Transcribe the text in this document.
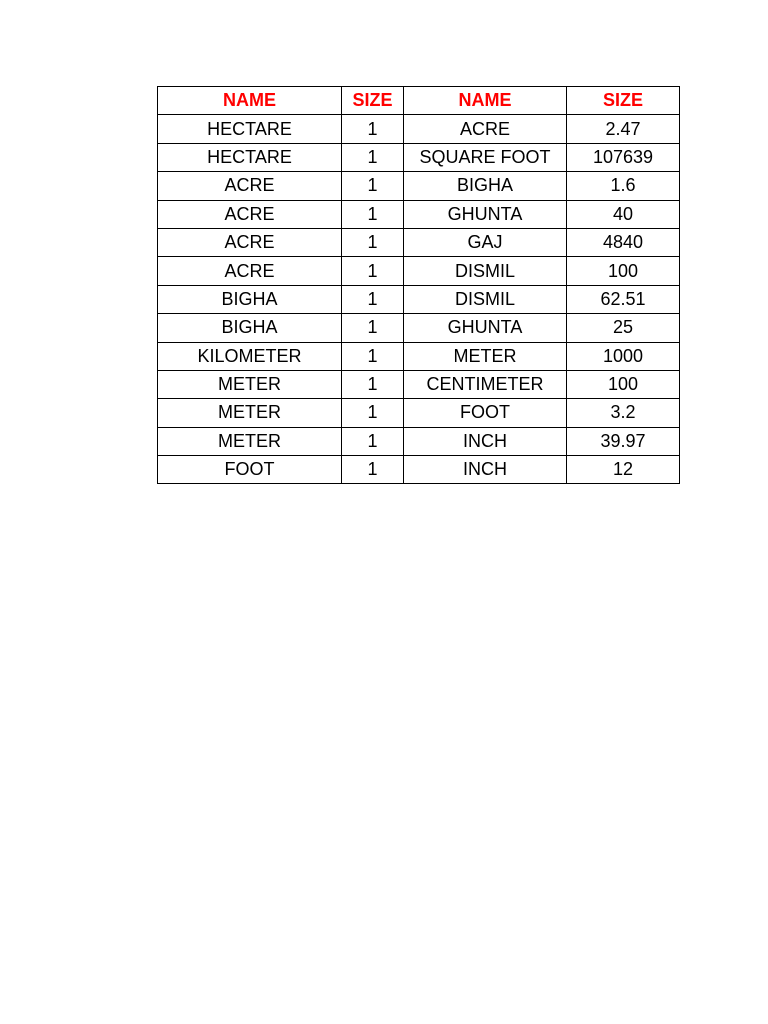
NAME	SIZE	NAME	SIZE
HECTARE	1	ACRE	2.47
HECTARE	1	SQUARE FOOT	107639
ACRE	1	BIGHA	1.6
ACRE	1	GHUNTA	40
ACRE	1	GAJ	4840
ACRE	1	DISMIL	100
BIGHA	1	DISMIL	62.51
BIGHA	1	GHUNTA	25
KILOMETER	1	METER	1000
METER	1	CENTIMETER	100
METER	1	FOOT	3.2
METER	1	INCH	39.97
FOOT	1	INCH	12
